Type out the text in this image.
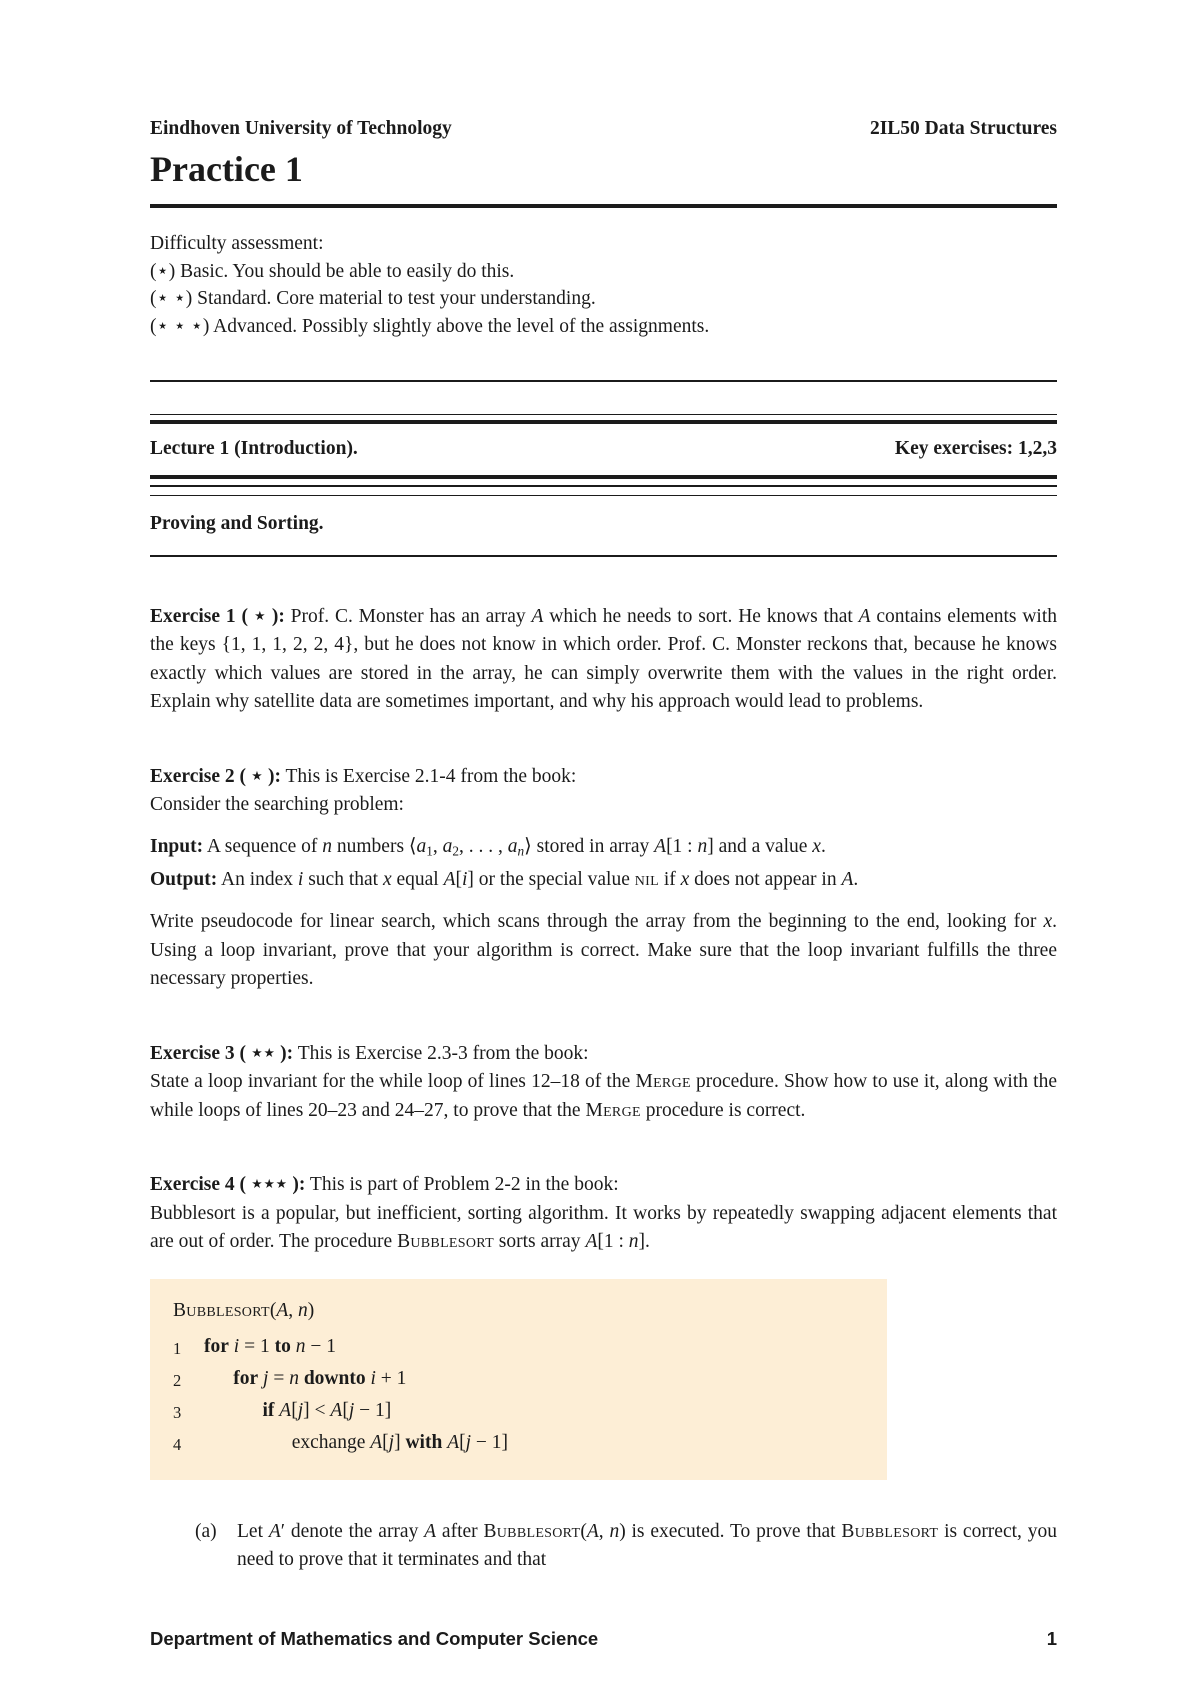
Eindhoven University of Technology	2IL50 Data Structures
Practice 1

Difficulty assessment:

(⋆) Basic. You should be able to easily do this.

(⋆ ⋆) Standard. Core material to test your understanding.

(⋆ ⋆ ⋆) Advanced. Possibly slightly above the level of the assignments.

Lecture 1 (Introduction).	Key exercises: 1,2,3
Proving and Sorting.

Exercise 1 ( ⋆ ): Prof. C. Monster has an array A which he needs to sort. He knows that A contains elements with the keys {1, 1, 1, 2, 2, 4}, but he does not know in which order. Prof. C. Monster reckons that, because he knows exactly which values are stored in the array, he can simply overwrite them with the values in the right order. Explain why satellite data are sometimes important, and why his approach would lead to problems.

Exercise 2 ( ⋆ ): This is Exercise 2.1-4 from the book:

Consider the searching problem:

Input: A sequence of n numbers $⟨a_1$, $a_2$, . . . , $a_n⟩$ stored in array A[1 : n] and a value x.

Output: An index i such that x equal A[i] or the special value nil if x does not appear in A.

Write pseudocode for linear search, which scans through the array from the beginning to the end, looking for x. Using a loop invariant, prove that your algorithm is correct. Make sure that the loop invariant fulfills the three necessary properties.

Exercise 3 ( ⋆⋆ ): This is Exercise 2.3-3 from the book:

State a loop invariant for the while loop of lines 12–18 of the Merge procedure. Show how to use it, along with the while loops of lines 20–23 and 24–27, to prove that the Merge procedure is correct.

Exercise 4 ( ⋆⋆⋆ ): This is part of Problem 2-2 in the book:

Bubblesort is a popular, but inefficient, sorting algorithm. It works by repeatedly swapping adjacent elements that are out of order. The procedure Bubblesort sorts array A[1 : n].

Bubblesort(A, n)
1	for i = 1 to n − 1
2	for j = n downto i + 1
3	if A[j] < A[j − 1]
4	exchange A[j] with A[j − 1]
(a)	Let A′ denote the array A after Bubblesort(A, n) is executed. To prove that Bubblesort is correct, you need to prove that it terminates and that
Department of Mathematics and Computer Science	1
